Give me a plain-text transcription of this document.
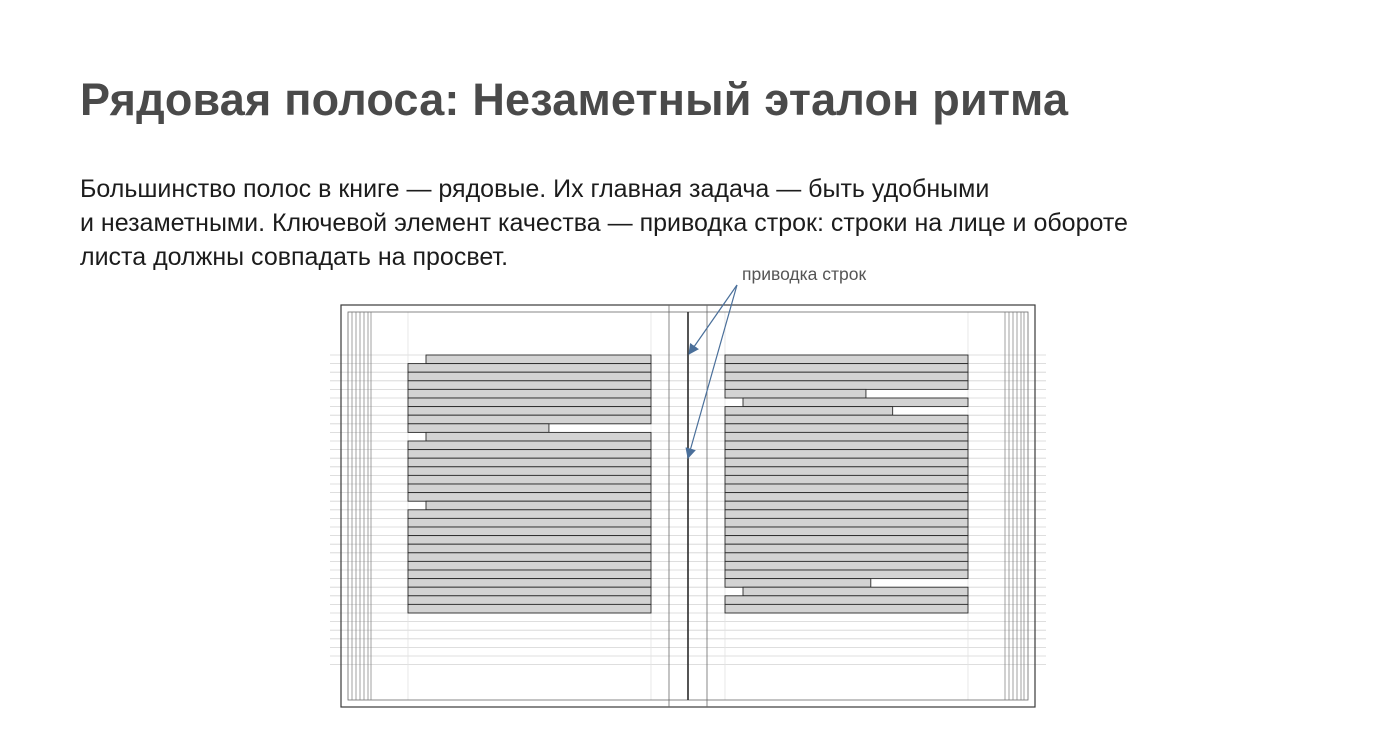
Рядовая полоса: Незаметный эталон ритма

Большинство полос в книге — рядовые. Их главная задача — быть удобными

и незаметными. Ключевой элемент качества — приводка строк: строки на лице и обороте

листа должны совпадать на просвет.

приводка строк
